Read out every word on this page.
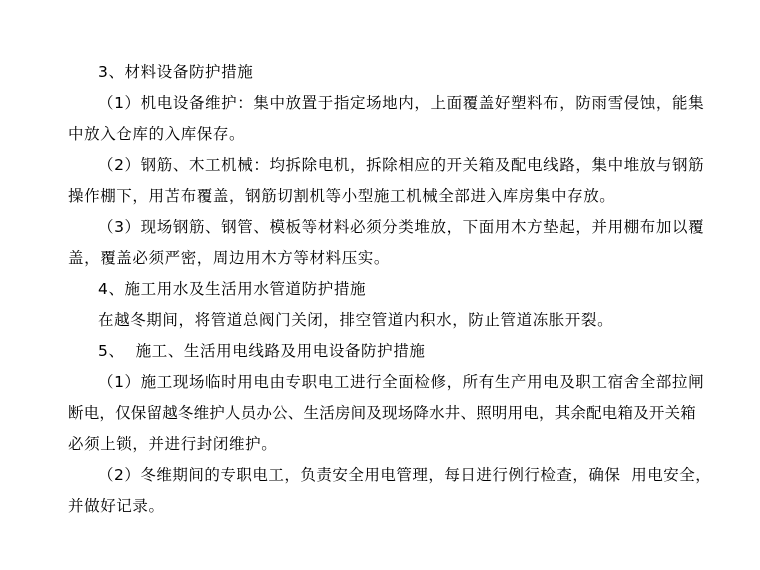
3、材料设备防护措施
（1）机电设备维护：集中放置于指定场地内，上面覆盖好塑料布，防雨雪侵蚀，能集
中放入仓库的入库保存。
（2）钢筋、木工机械：均拆除电机，拆除相应的开关箱及配电线路，集中堆放与钢筋
操作棚下，用苫布覆盖，钢筋切割机等小型施工机械全部进入库房集中存放。
（3）现场钢筋、钢管、模板等材料必须分类堆放，下面用木方垫起，并用棚布加以覆
盖，覆盖必须严密，周边用木方等材料压实。
4、施工用水及生活用水管道防护措施
在越冬期间，将管道总阀门关闭，排空管道内积水，防止管道冻胀开裂。
5、  施工、生活用电线路及用电设备防护措施
（1）施工现场临时用电由专职电工进行全面检修，所有生产用电及职工宿舍全部拉闸
断电，仅保留越冬维护人员办公、生活房间及现场降水井、照明用电，其余配电箱及开关箱
必须上锁，并进行封闭维护。
（2）冬维期间的专职电工，负责安全用电管理，每日进行例行检查，确保  用电安全，
并做好记录。
